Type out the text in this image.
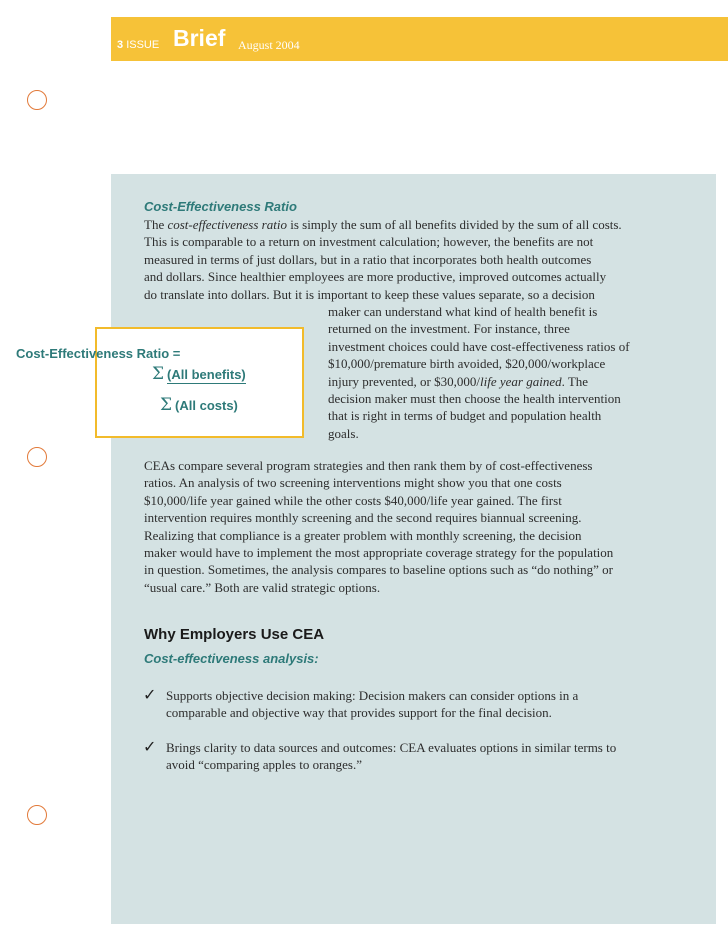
3 ISSUE Brief August 2004
Cost-Effectiveness Ratio
The cost-effectiveness ratio is simply the sum of all benefits divided by the sum of all costs.
This is comparable to a return on investment calculation; however, the benefits are not
measured in terms of just dollars, but in a ratio that incorporates both health outcomes
and dollars. Since healthier employees are more productive, improved outcomes actually
do translate into dollars. But it is important to keep these values separate, so a decision
maker can understand what kind of health benefit is
returned on the investment. For instance, three
investment choices could have cost-effectiveness ratios of
$10,000/premature birth avoided, $20,000/workplace
injury prevented, or $30,000/life year gained. The
decision maker must then choose the health intervention
that is right in terms of budget and population health
goals.
Cost-Effectiveness Ratio =
Σ (All benefits)
Σ (All costs)
CEAs compare several program strategies and then rank them by of cost-effectiveness
ratios. An analysis of two screening interventions might show you that one costs
$10,000/life year gained while the other costs $40,000/life year gained. The first
intervention requires monthly screening and the second requires biannual screening.
Realizing that compliance is a greater problem with monthly screening, the decision
maker would have to implement the most appropriate coverage strategy for the population
in question. Sometimes, the analysis compares to baseline options such as “do nothing” or
“usual care.” Both are valid strategic options.
Why Employers Use CEA
Cost-effectiveness analysis:
✓ Supports objective decision making: Decision makers can consider options in a
comparable and objective way that provides support for the final decision.
✓ Brings clarity to data sources and outcomes: CEA evaluates options in similar terms to
avoid “comparing apples to oranges.”
